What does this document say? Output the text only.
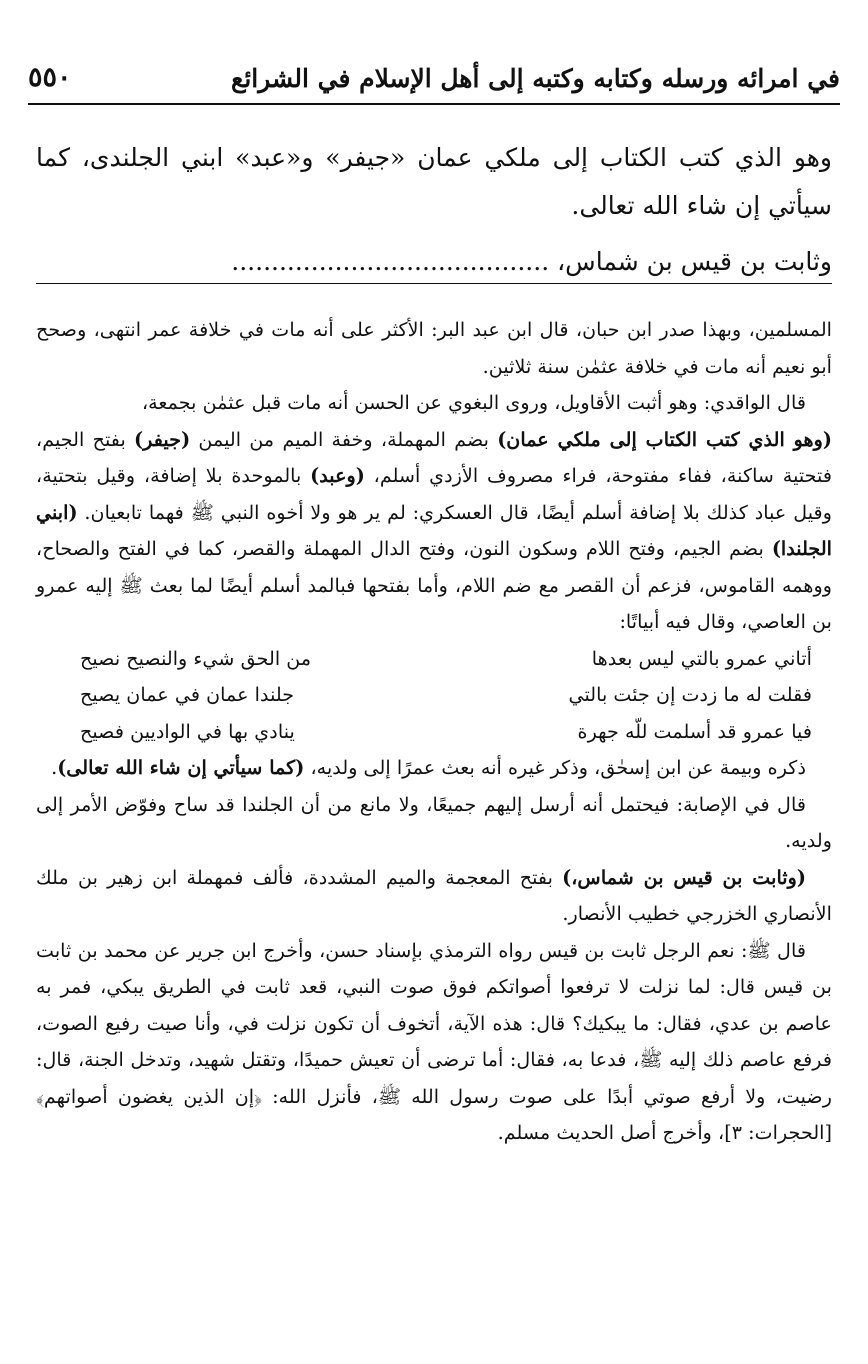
في امرائه ورسله وكتابه وكتبه إلى أهل الإسلام في الشرائع
٥٥٠

وهو الذي كتب الكتاب إلى ملكي عمان «جيفر» و«عبد» ابني الجلندى، كما سيأتي إن شاء الله تعالى.

وثابت بن قيس بن شماس، ........................................

المسلمين، وبهذا صدر ابن حبان، قال ابن عبد البر: الأكثر على أنه مات في خلافة عمر انتهى، وصحح أبو نعيم أنه مات في خلافة عثمٰن سنة ثلاثين.

قال الواقدي: وهو أثبت الأقاويل، وروى البغوي عن الحسن أنه مات قبل عثمٰن بجمعة،

(وهو الذي كتب الكتاب إلى ملكي عمان) بضم المهملة، وخفة الميم من اليمن (جيفر) بفتح الجيم، فتحتية ساكنة، ففاء مفتوحة، فراء مصروف الأزدي أسلم، (وعبد) بالموحدة بلا إضافة، وقيل بتحتية، وقيل عباد كذلك بلا إضافة أسلم أيضًا، قال العسكري: لم ير هو ولا أخوه النبي ﷺ فهما تابعيان. (ابني الجلندا) بضم الجيم، وفتح اللام وسكون النون، وفتح الدال المهملة والقصر، كما في الفتح والصحاح، ووهمه القاموس، فزعم أن القصر مع ضم اللام، وأما بفتحها فبالمد أسلم أيضًا لما بعث ﷺ إليه عمرو بن العاصي، وقال فيه أبياتًا:

أتاني عمرو بالتي ليس بعدها
من الحق شيء والنصيح نصيح
فقلت له ما زدت إن جئت بالتي
جلندا عمان في عمان يصيح
فيا عمرو قد أسلمت للّه جهرة
ينادي بها في الواديين فصيح

ذكره وبيمة عن ابن إسحٰق، وذكر غيره أنه بعث عمرًا إلى ولديه، (كما سيأتي إن شاء الله تعالى).

قال في الإصابة: فيحتمل أنه أرسل إليهم جميعًا، ولا مانع من أن الجلندا قد ساح وفوّض الأمر إلى ولديه.

(وثابت بن قيس بن شماس،) بفتح المعجمة والميم المشددة، فألف فمهملة ابن زهير بن ملك الأنصاري الخزرجي خطيب الأنصار.

قال ﷺ: نعم الرجل ثابت بن قيس رواه الترمذي بإسناد حسن، وأخرج ابن جرير عن محمد بن ثابت بن قيس قال: لما نزلت لا ترفعوا أصواتكم فوق صوت النبي، قعد ثابت في الطريق يبكي، فمر به عاصم بن عدي، فقال: ما يبكيك؟ قال: هذه الآية، أتخوف أن تكون نزلت في، وأنا صيت رفيع الصوت، فرفع عاصم ذلك إليه ﷺ، فدعا به، فقال: أما ترضى أن تعيش حميدًا، وتقتل شهيد، وتدخل الجنة، قال: رضيت، ولا أرفع صوتي أبدًا على صوت رسول الله ﷺ، فأنزل الله: ﴿إن الذين يغضون أصواتهم﴾ [الحجرات: ٣]، وأخرج أصل الحديث مسلم.
